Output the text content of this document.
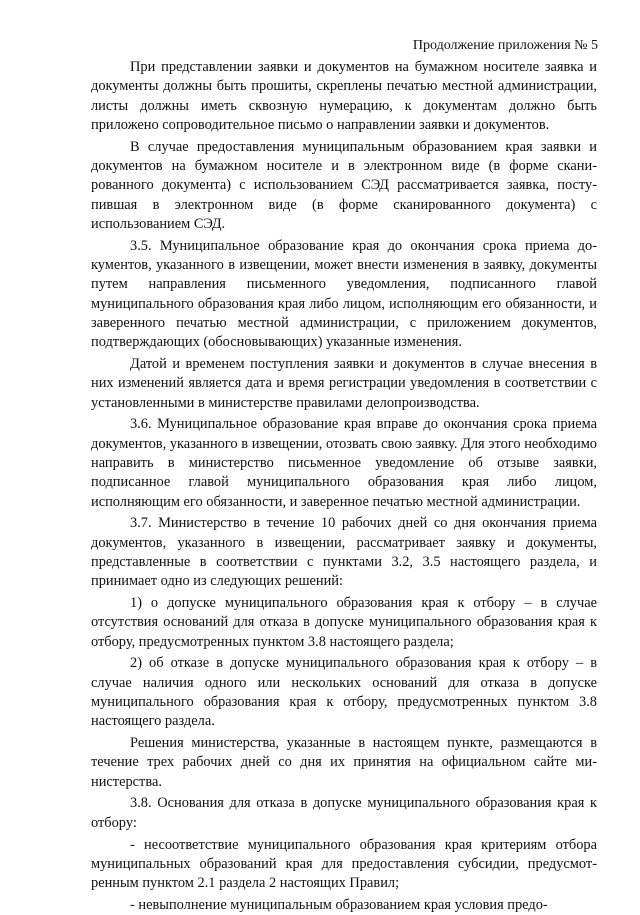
Продолжение приложения № 5

При представлении заявки и документов на бумажном носителе заявка и документы должны быть прошиты, скреплены печатью местной администрации, листы должны иметь сквозную нумерацию, к документам должно быть приложено сопроводительное письмо о направлении заявки и документов.

В случае предоставления муниципальным образованием края заявки и документов на бумажном носителе и в электронном виде (в форме сканированного документа) с использованием СЭД рассматривается заявка, поступившая в электронном виде (в форме сканированного документа) с использованием СЭД.

3.5. Муниципальное образование края до окончания срока приема документов, указанного в извещении, может внести изменения в заявку, документы путем направления письменного уведомления, подписанного главой муниципального образования края либо лицом, исполняющим его обязанности, и заверенного печатью местной администрации, с приложением документов, подтверждающих (обосновывающих) указанные изменения.

Датой и временем поступления заявки и документов в случае внесения в них изменений является дата и время регистрации уведомления в соответствии с установленными в министерстве правилами делопроизводства.

3.6. Муниципальное образование края вправе до окончания срока приема документов, указанного в извещении, отозвать свою заявку. Для этого необходимо направить в министерство письменное уведомление об отзыве заявки, подписанное главой муниципального образования края либо лицом, исполняющим его обязанности, и заверенное печатью местной администрации.

3.7. Министерство в течение 10 рабочих дней со дня окончания приема документов, указанного в извещении, рассматривает заявку и документы, представленные в соответствии с пунктами 3.2, 3.5 настоящего раздела, и принимает одно из следующих решений:

1) о допуске муниципального образования края к отбору – в случае отсутствия оснований для отказа в допуске муниципального образования края к отбору, предусмотренных пунктом 3.8 настоящего раздела;

2) об отказе в допуске муниципального образования края к отбору – в случае наличия одного или нескольких оснований для отказа в допуске муниципального образования края к отбору, предусмотренных пунктом 3.8 настоящего раздела.

Решения министерства, указанные в настоящем пункте, размещаются в течение трех рабочих дней со дня их принятия на официальном сайте министерства.

3.8. Основания для отказа в допуске муниципального образования края к отбору:

- несоответствие муниципального образования края критериям отбора муниципальных образований края для предоставления субсидии, предусмотренным пунктом 2.1 раздела 2 настоящих Правил;

- невыполнение муниципальным образованием края условия предо-
